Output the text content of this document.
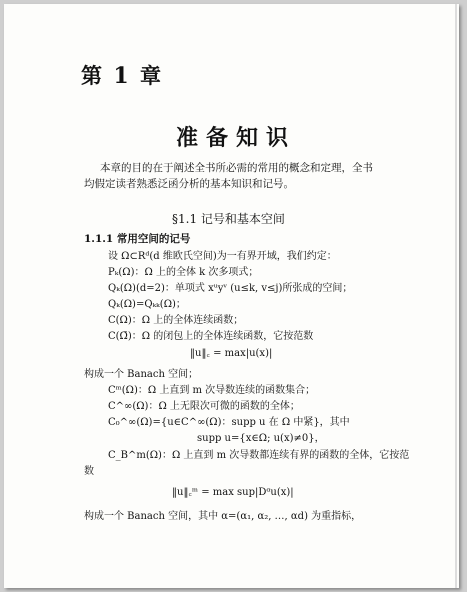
第 1 章
准备知识
本章的目的在于阐述全书所必需的常用的概念和定理，全书
均假定读者熟悉泛函分析的基本知识和记号。
§1.1 记号和基本空间
1.1.1 常用空间的记号
设 Ω⊂Rᵈ(d 维欧氏空间)为一有界开域，我们约定：
Pₖ(Ω)：Ω 上的全体 k 次多项式；
Qₖ(Ω)(d=2)：单项式 xᵘyᵛ (u≤k, v≤j)所张成的空间；
Qₖ(Ω)=Qₖₖ(Ω)；
C(Ω)：Ω 上的全体连续函数；
C(Ω̄)：Ω 的闭包上的全体连续函数，它按范数
‖u‖꜀ = max|u(x)|
构成一个 Banach 空间；
Cᵐ(Ω)：Ω 上直到 m 次导数连续的函数集合；
C^∞(Ω)：Ω 上无限次可微的函数的全体；
C₀^∞(Ω)={u∈C^∞(Ω)：supp u 在 Ω 中紧}，其中
supp u={x∈Ω; u(x)≠0}，
C_B^m(Ω)：Ω 上直到 m 次导数都连续有界的函数的全体，它按范
数
‖u‖꜀ᵐ = max sup|Dᵅu(x)|
构成一个 Banach 空间，其中 α=(α₁, α₂, …, αd) 为重指标，
